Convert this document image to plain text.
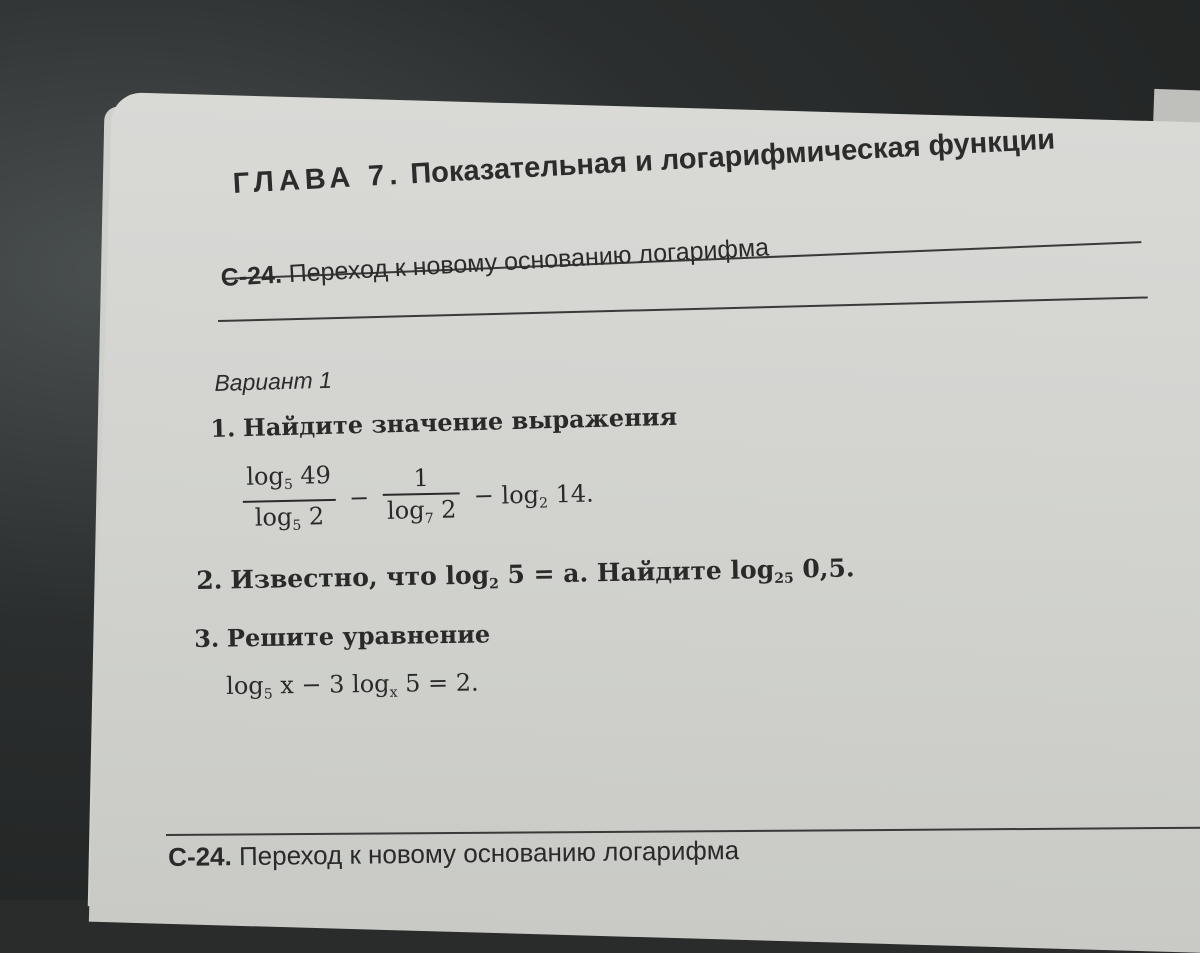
ГЛАВА 7. Показательная и логарифмическая функции
С-24. Переход к новому основанию логарифма
Вариант 1
1. Найдите значение выражения
$\frac{\log_5 49}{\log_5 2} - \frac{1}{\log_7 2} - \log_2 14$.
2. Известно, что $\log_2 5 = a$. Найдите $\log_{25} 0,5$.
3. Решите уравнение
$\log_5 x - 3$ $\log_x 5 = 2$.
С-24. Переход к новому основанию логарифма
